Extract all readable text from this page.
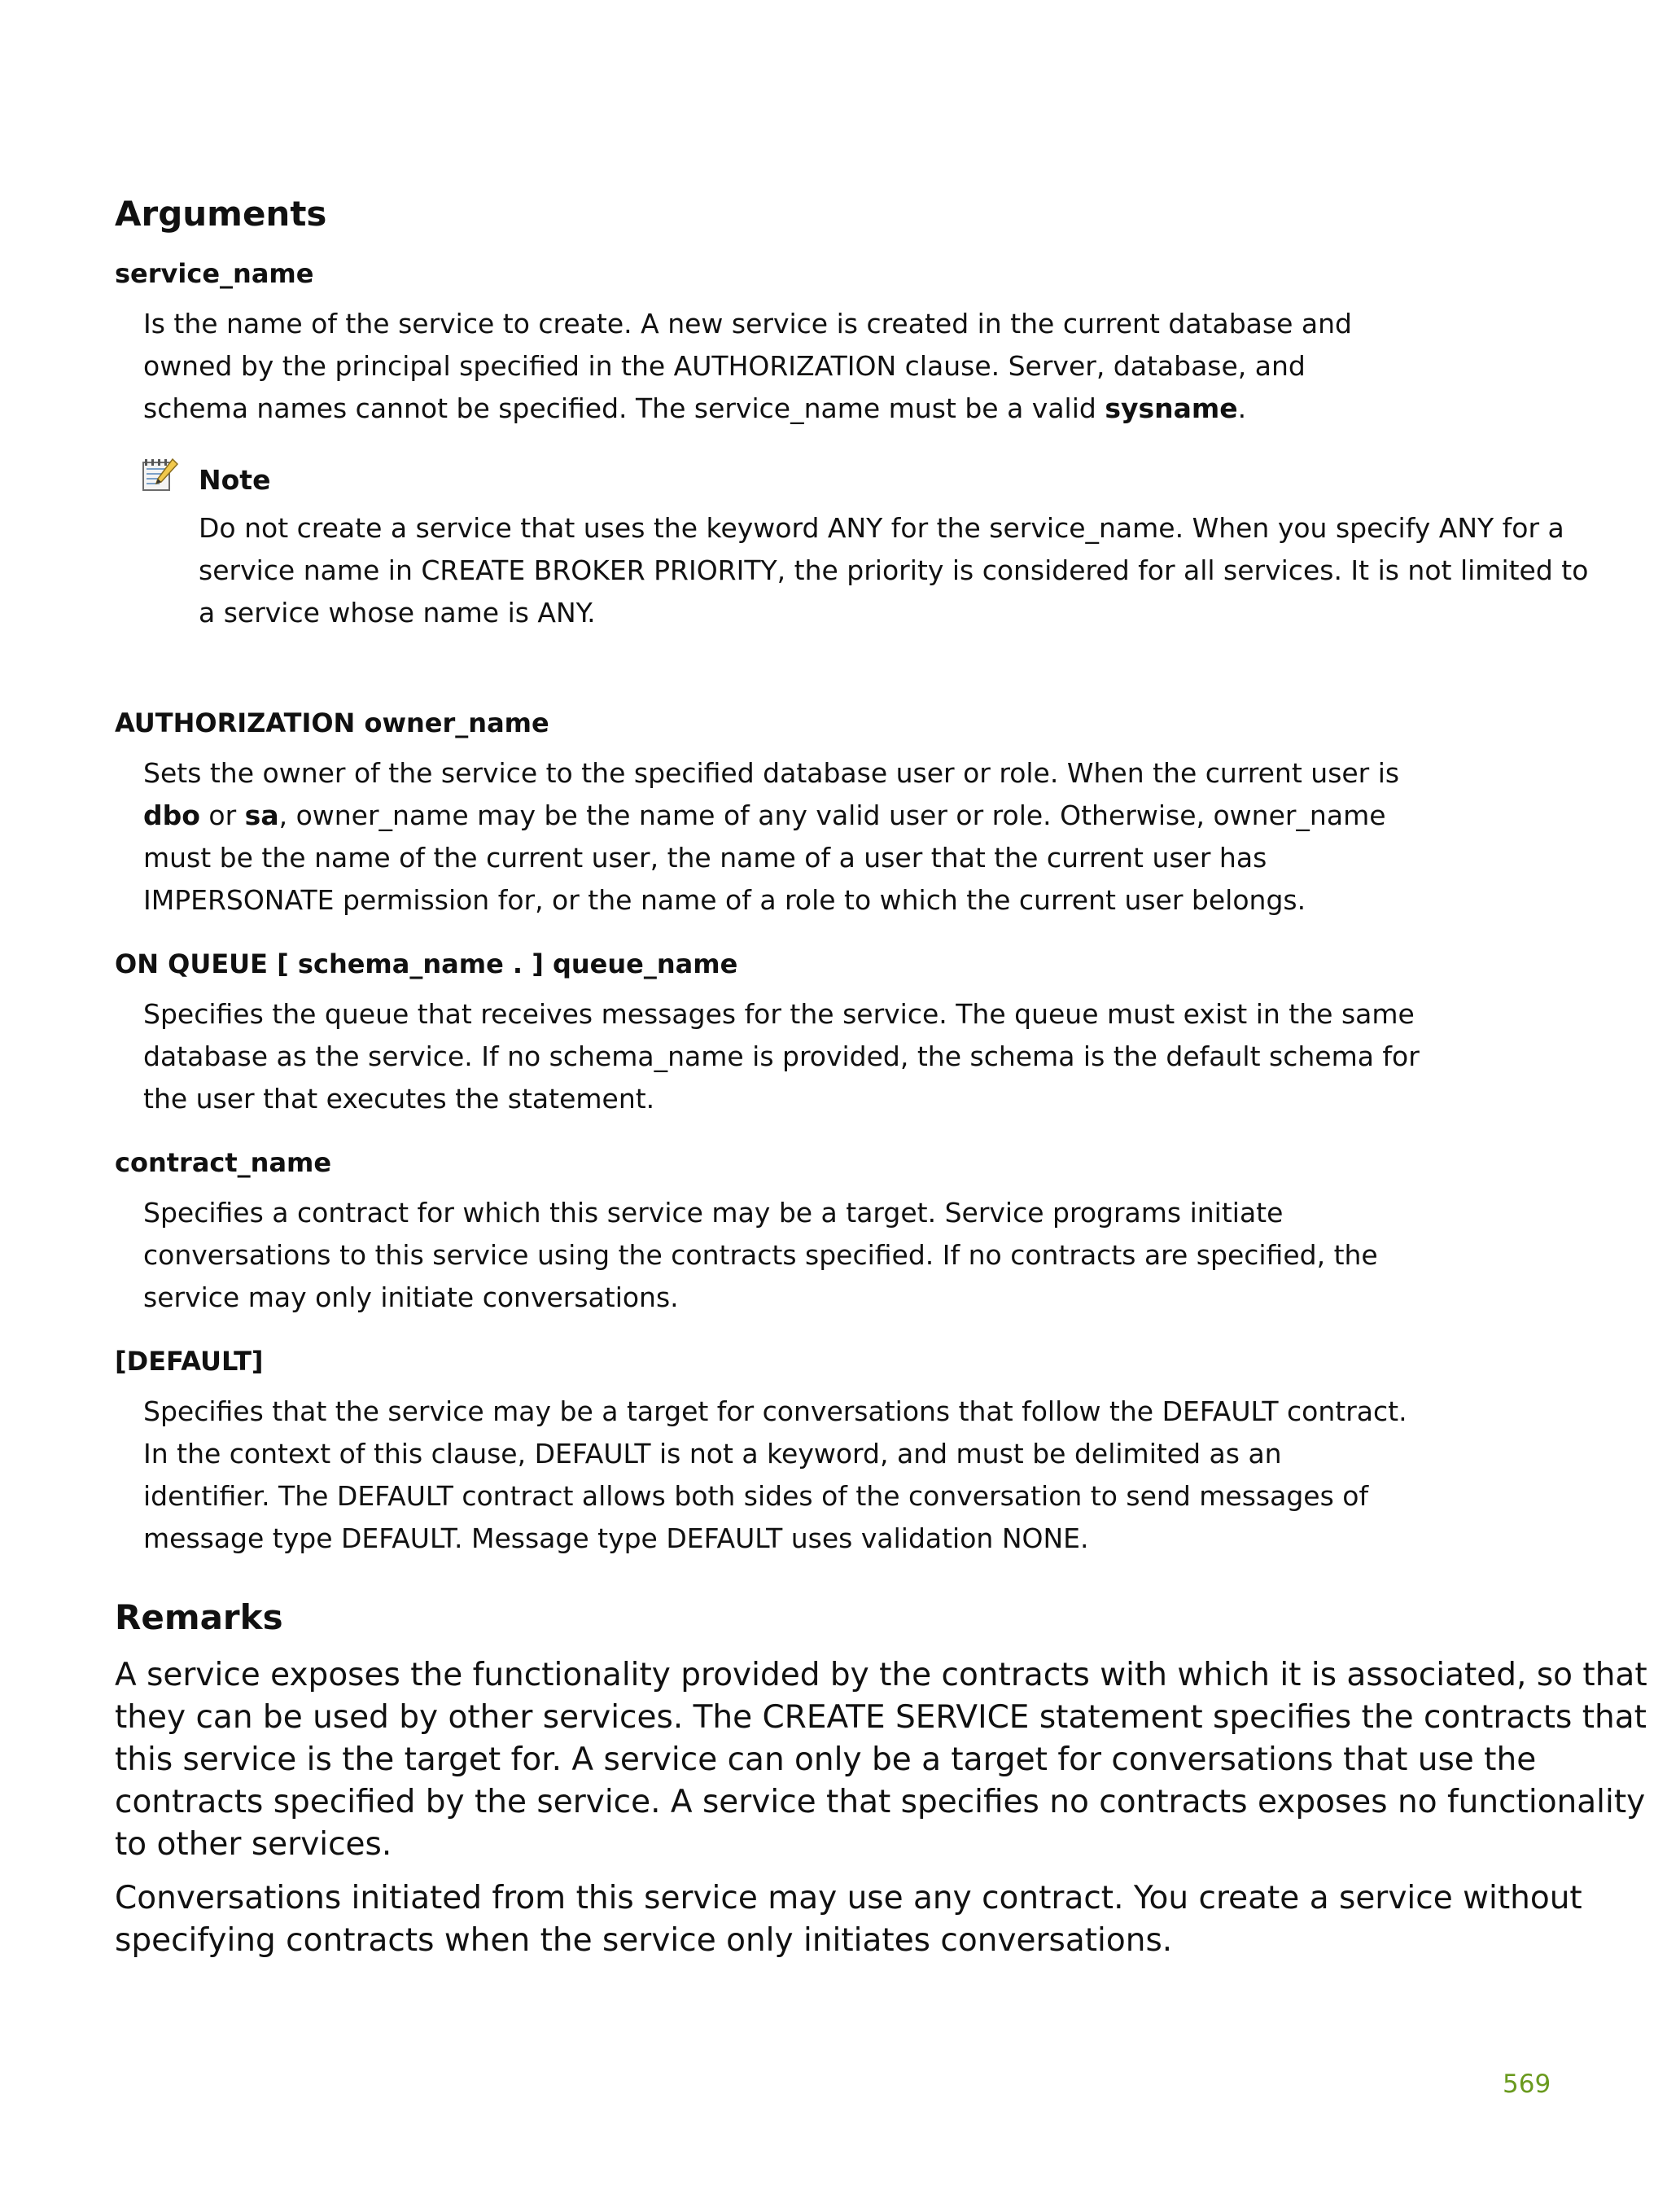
Arguments
service_name
Is the name of the service to create. A new service is created in the current database and
owned by the principal specified in the AUTHORIZATION clause. Server, database, and
schema names cannot be specified. The service_name must be a valid sysname.
Note
Do not create a service that uses the keyword ANY for the service_name. When you specify ANY for a
service name in CREATE BROKER PRIORITY, the priority is considered for all services. It is not limited to
a service whose name is ANY.
AUTHORIZATION owner_name
Sets the owner of the service to the specified database user or role. When the current user is
dbo or sa, owner_name may be the name of any valid user or role. Otherwise, owner_name
must be the name of the current user, the name of a user that the current user has
IMPERSONATE permission for, or the name of a role to which the current user belongs.
ON QUEUE [ schema_name . ] queue_name
Specifies the queue that receives messages for the service. The queue must exist in the same
database as the service. If no schema_name is provided, the schema is the default schema for
the user that executes the statement.
contract_name
Specifies a contract for which this service may be a target. Service programs initiate
conversations to this service using the contracts specified. If no contracts are specified, the
service may only initiate conversations.
[DEFAULT]
Specifies that the service may be a target for conversations that follow the DEFAULT contract.
In the context of this clause, DEFAULT is not a keyword, and must be delimited as an
identifier. The DEFAULT contract allows both sides of the conversation to send messages of
message type DEFAULT. Message type DEFAULT uses validation NONE.
Remarks
A service exposes the functionality provided by the contracts with which it is associated, so that
they can be used by other services. The CREATE SERVICE statement specifies the contracts that
this service is the target for. A service can only be a target for conversations that use the
contracts specified by the service. A service that specifies no contracts exposes no functionality
to other services.
Conversations initiated from this service may use any contract. You create a service without
specifying contracts when the service only initiates conversations.
569
